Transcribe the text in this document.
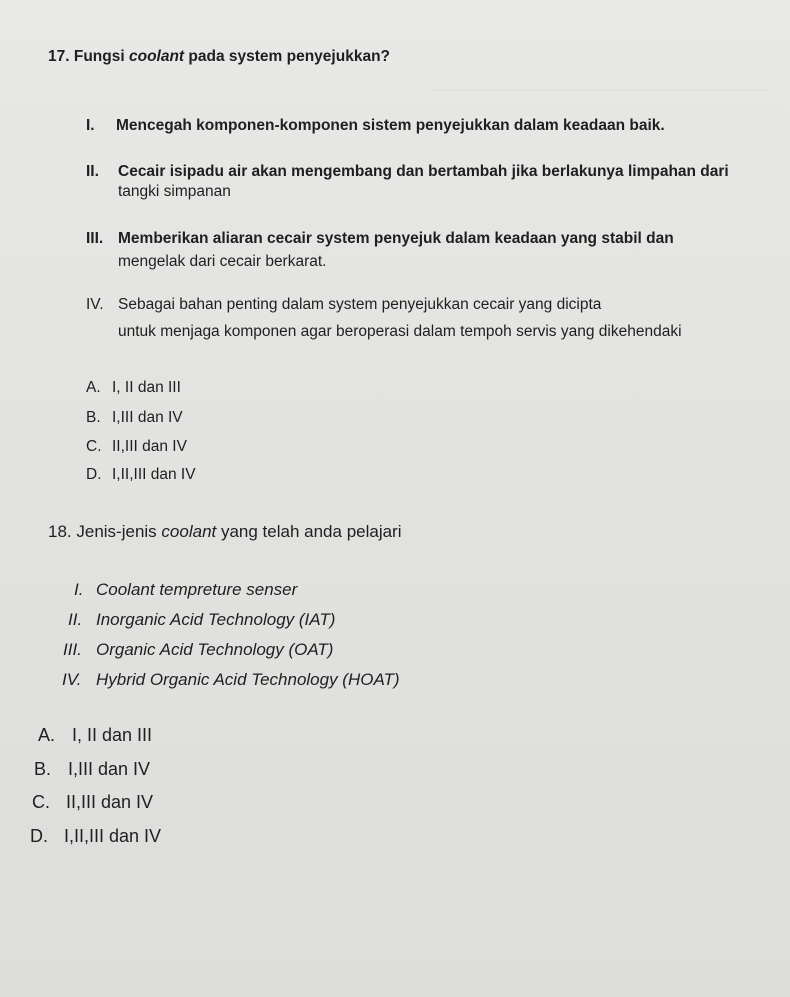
17. Fungsi coolant pada system penyejukkan?
I. Mencegah komponen-komponen sistem penyejukkan dalam keadaan baik.
II. Cecair isipadu air akan mengembang dan bertambah jika berlakunya limpahan dari
tangki simpanan
III. Memberikan aliaran cecair system penyejuk dalam keadaan yang stabil dan
mengelak dari cecair berkarat.
IV. Sebagai bahan penting dalam system penyejukkan cecair yang dicipta
untuk menjaga komponen agar beroperasi dalam tempoh servis yang dikehendaki
A. I, II dan III
B. I,III dan IV
C. II,III dan IV
D. I,II,III dan IV
18. Jenis-jenis coolant yang telah anda pelajari
I. Coolant tempreture senser
II. Inorganic Acid Technology (IAT)
III. Organic Acid Technology (OAT)
IV. Hybrid Organic Acid Technology (HOAT)
A. I, II dan III
B. I,III dan IV
C. II,III dan IV
D. I,II,III dan IV
